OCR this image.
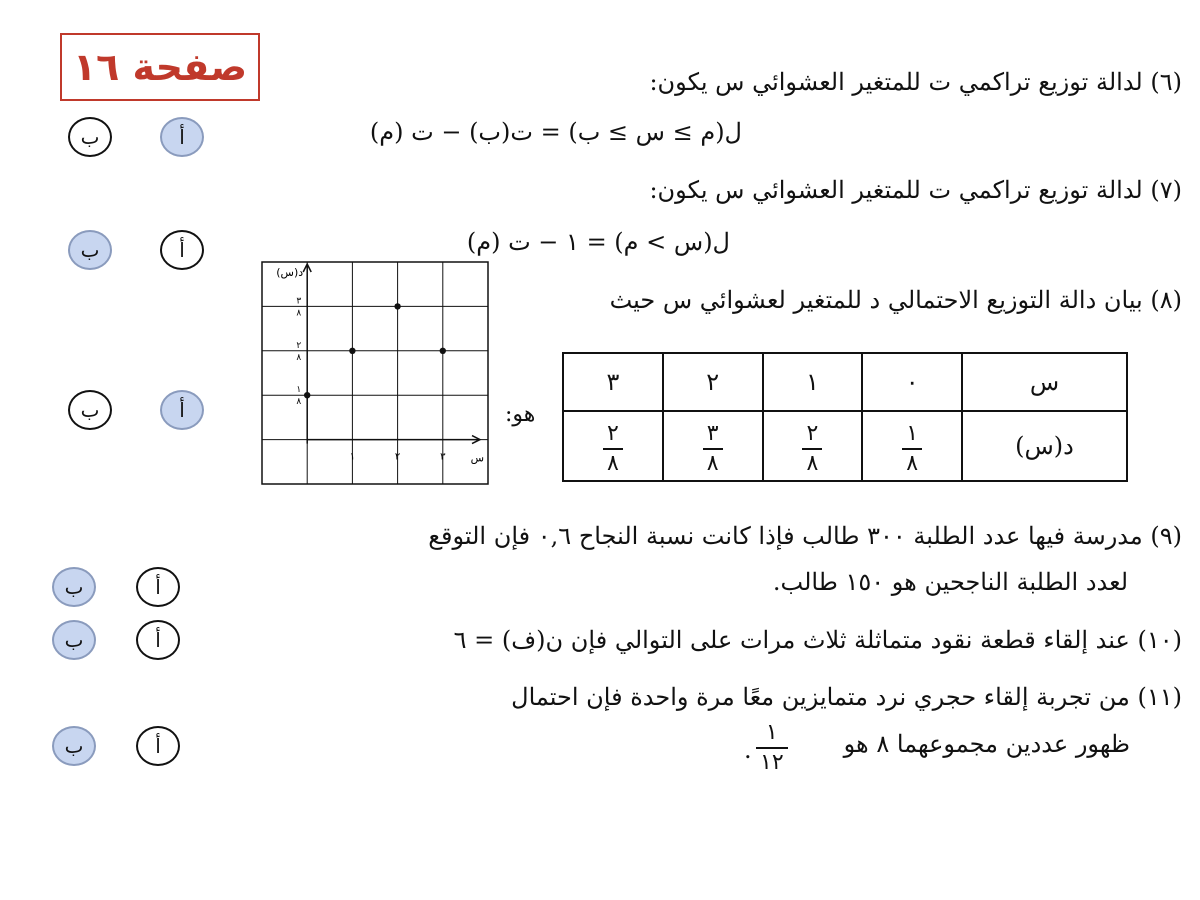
صفحة ١٦	(٦) لدالة توزيع تراكمي ت للمتغير العشوائي س يكون:
ل(م ≥ س ≥ ب) = ت(ب) − ت (م)
ب	أ
(٧) لدالة توزيع تراكمي ت للمتغير العشوائي س يكون:
ل(س > م) = ١ − ت (م)
ب	أ
(٨) بيان دالة التوزيع الاحتمالي د للمتغير لعشوائي س حيث
ب	أ
د(س)
س
١
٨
٢
٨
٣
٨
١	٢	٣
هو:
س	٠	١	٢	٣
د(س)	$\frac{١}{٨}$	$\frac{٢}{٨}$	$\frac{٣}{٨}$	$\frac{٢}{٨}$
(٩) مدرسة فيها عدد الطلبة ٣٠٠ طالب فإذا كانت نسبة النجاح ٠,٦ فإن التوقع
لعدد الطلبة الناجحين هو ١٥٠ طالب.
ب	أ
(١٠) عند إلقاء قطعة نقود متماثلة ثلاث مرات على التوالي فإن ن(ف) = ٦
ب	أ
(١١) من تجربة إلقاء حجري نرد متمايزين معًا مرة واحدة فإن احتمال
ظهور عددين مجموعهما ٨ هو
$\frac{١}{١٢}$
.
ب	أ
